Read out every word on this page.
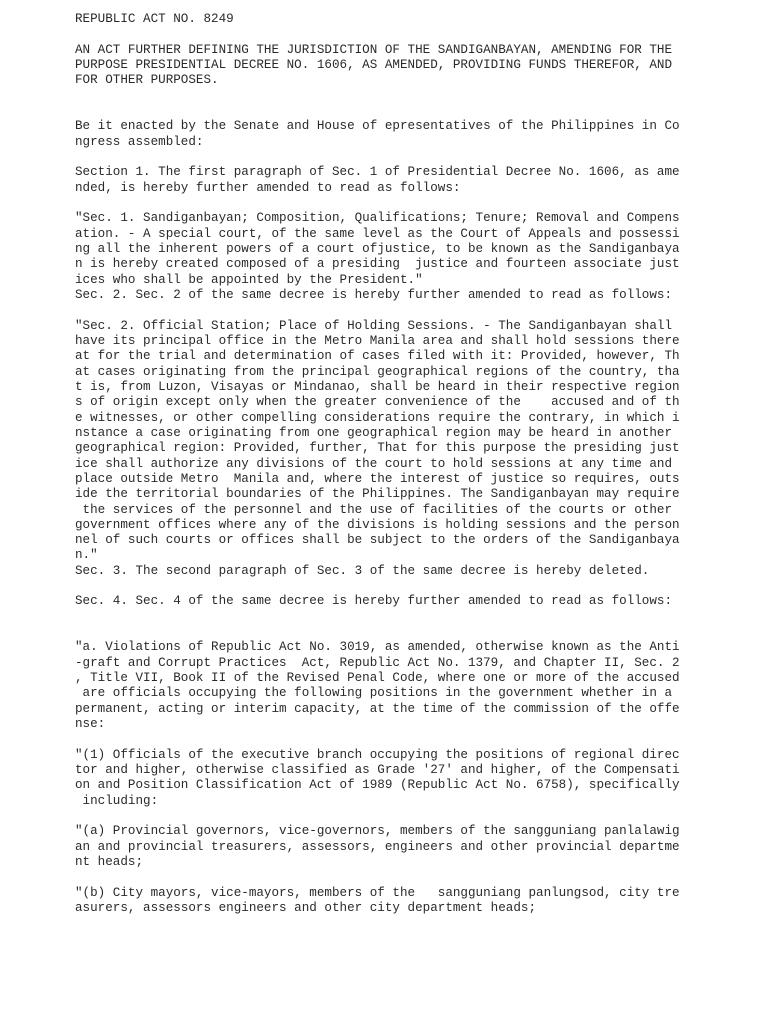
REPUBLIC ACT NO. 8249
AN ACT FURTHER DEFINING THE JURISDICTION OF THE SANDIGANBAYAN, AMENDING FOR THE
PURPOSE PRESIDENTIAL DECREE NO. 1606, AS AMENDED, PROVIDING FUNDS THEREFOR, AND
FOR OTHER PURPOSES.
Be it enacted by the Senate and House of epresentatives of the Philippines in Co
ngress assembled:
Section 1. The first paragraph of Sec. 1 of Presidential Decree No. 1606, as ame
nded, is hereby further amended to read as follows:
"Sec. 1. Sandiganbayan; Composition, Qualifications; Tenure; Removal and Compens
ation. - A special court, of the same level as the Court of Appeals and possessi
ng all the inherent powers of a court ofjustice, to be known as the Sandiganbaya
n is hereby created composed of a presiding  justice and fourteen associate just
ices who shall be appointed by the President."
Sec. 2. Sec. 2 of the same decree is hereby further amended to read as follows:
"Sec. 2. Official Station; Place of Holding Sessions. - The Sandiganbayan shall
have its principal office in the Metro Manila area and shall hold sessions there
at for the trial and determination of cases filed with it: Provided, however, Th
at cases originating from the principal geographical regions of the country, tha
t is, from Luzon, Visayas or Mindanao, shall be heard in their respective region
s of origin except only when the greater convenience of the    accused and of th
e witnesses, or other compelling considerations require the contrary, in which i
nstance a case originating from one geographical region may be heard in another
geographical region: Provided, further, That for this purpose the presiding just
ice shall authorize any divisions of the court to hold sessions at any time and
place outside Metro  Manila and, where the interest of justice so requires, outs
ide the territorial boundaries of the Philippines. The Sandiganbayan may require
the services of the personnel and the use of facilities of the courts or other
government offices where any of the divisions is holding sessions and the person
nel of such courts or offices shall be subject to the orders of the Sandiganbaya
n."
Sec. 3. The second paragraph of Sec. 3 of the same decree is hereby deleted.
Sec. 4. Sec. 4 of the same decree is hereby further amended to read as follows:
"a. Violations of Republic Act No. 3019, as amended, otherwise known as the Anti
-graft and Corrupt Practices  Act, Republic Act No. 1379, and Chapter II, Sec. 2
, Title VII, Book II of the Revised Penal Code, where one or more of the accused
are officials occupying the following positions in the government whether in a
permanent, acting or interim capacity, at the time of the commission of the offe
nse:
"(1) Officials of the executive branch occupying the positions of regional direc
tor and higher, otherwise classified as Grade '27' and higher, of the Compensati
on and Position Classification Act of 1989 (Republic Act No. 6758), specifically
including:
"(a) Provincial governors, vice-governors, members of the sangguniang panlalawig
an and provincial treasurers, assessors, engineers and other provincial departme
nt heads;
"(b) City mayors, vice-mayors, members of the   sangguniang panlungsod, city tre
asurers, assessors engineers and other city department heads;
